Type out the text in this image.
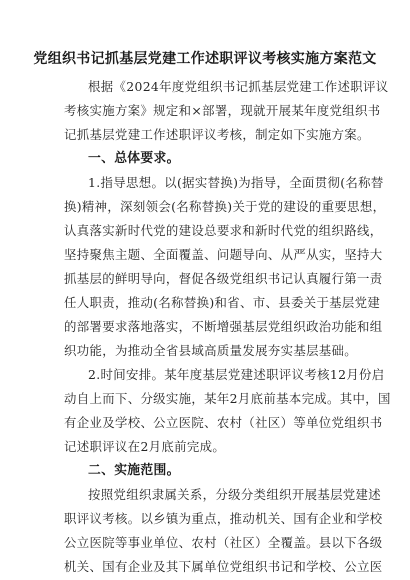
党组织书记抓基层党建工作述职评议考核实施方案范文
根据《2024年度党组织书记抓基层党建工作述职评议
考核实施方案》规定和×部署，现就开展某年度党组织书
记抓基层党建工作述职评议考核，制定如下实施方案。
一、总体要求。
1.指导思想。以(据实替换)为指导，全面贯彻(名称替
换)精神，深刻领会(名称替换)关于党的建设的重要思想，
认真落实新时代党的建设总要求和新时代党的组织路线，
坚持聚焦主题、全面覆盖、问题导向、从严从实，坚持大
抓基层的鲜明导向，督促各级党组织书记认真履行第一责
任人职责，推动(名称替换)和省、市、县委关于基层党建
的部署要求落地落实，不断增强基层党组织政治功能和组
织功能，为推动全省县域高质量发展夯实基层基础。
2.时间安排。某年度基层党建述职评议考核12月份启
动自上而下、分级实施，某年2月底前基本完成。其中，国
有企业及学校、公立医院、农村（社区）等单位党组织书
记述职评议在2月底前完成。
二、实施范围。
按照党组织隶属关系，分级分类组织开展基层党建述
职评议考核。以乡镇为重点，推动机关、国有企业和学校
公立医院等事业单位、农村（社区）全覆盖。县以下各级
机关、国有企业及其下属单位党组织书记和学校、公立医
